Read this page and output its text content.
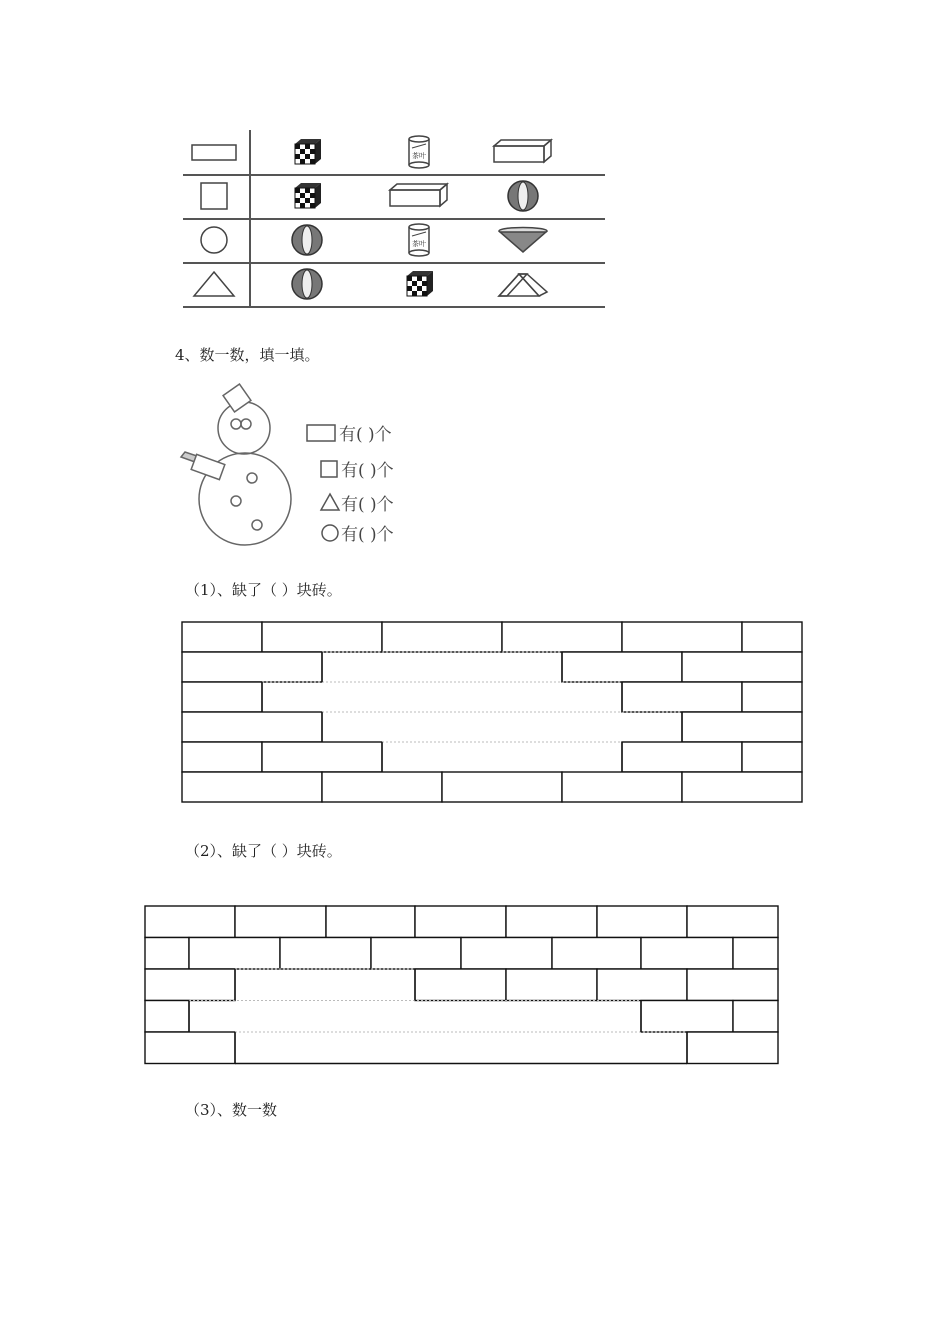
茶叶
茶叶
4、数一数，填一填。
有( )个
有( )个
有( )个
有( )个
（1）、缺了（ ）块砖。
（2）、缺了（ ）块砖。
（3）、数一数
